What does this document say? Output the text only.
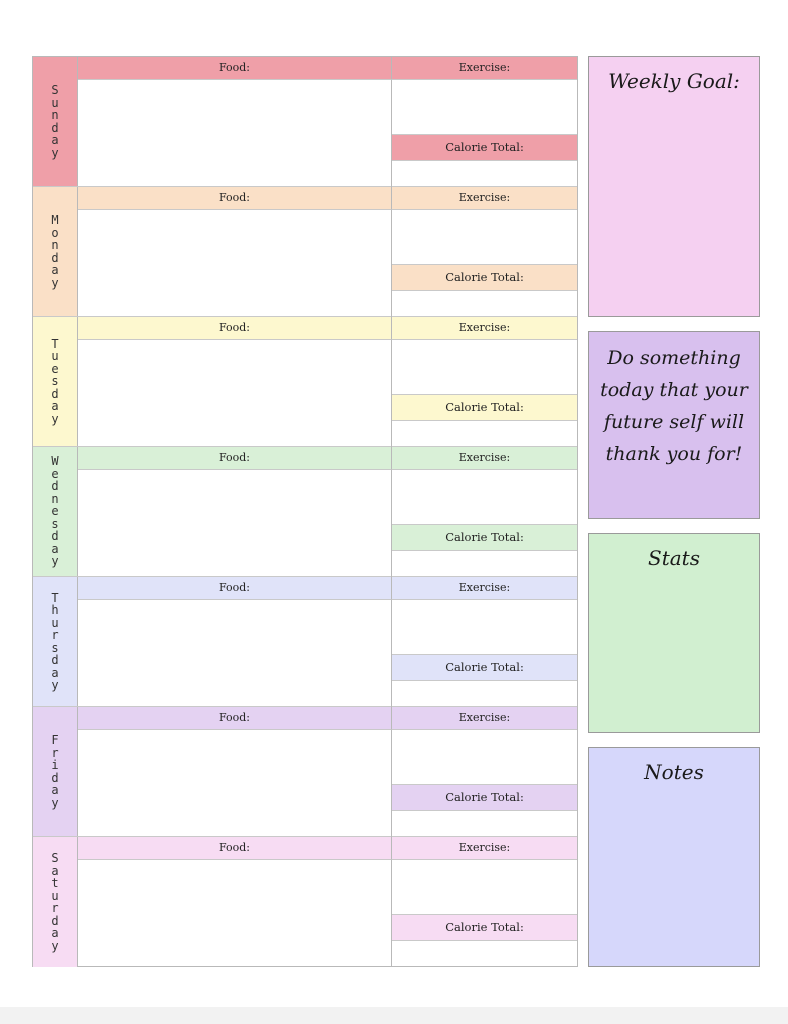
Sunday
Food:	Exercise:
Calorie Total:
Monday
Food:	Exercise:
Calorie Total:
Tuesday
Food:	Exercise:
Calorie Total:
Wednesday
Food:	Exercise:
Calorie Total:
Thursday
Food:	Exercise:
Calorie Total:
Friday
Food:	Exercise:
Calorie Total:
Saturday
Food:	Exercise:
Calorie Total:
Weekly Goal:
Do something today that your future self will thank you for!
Stats
Notes
